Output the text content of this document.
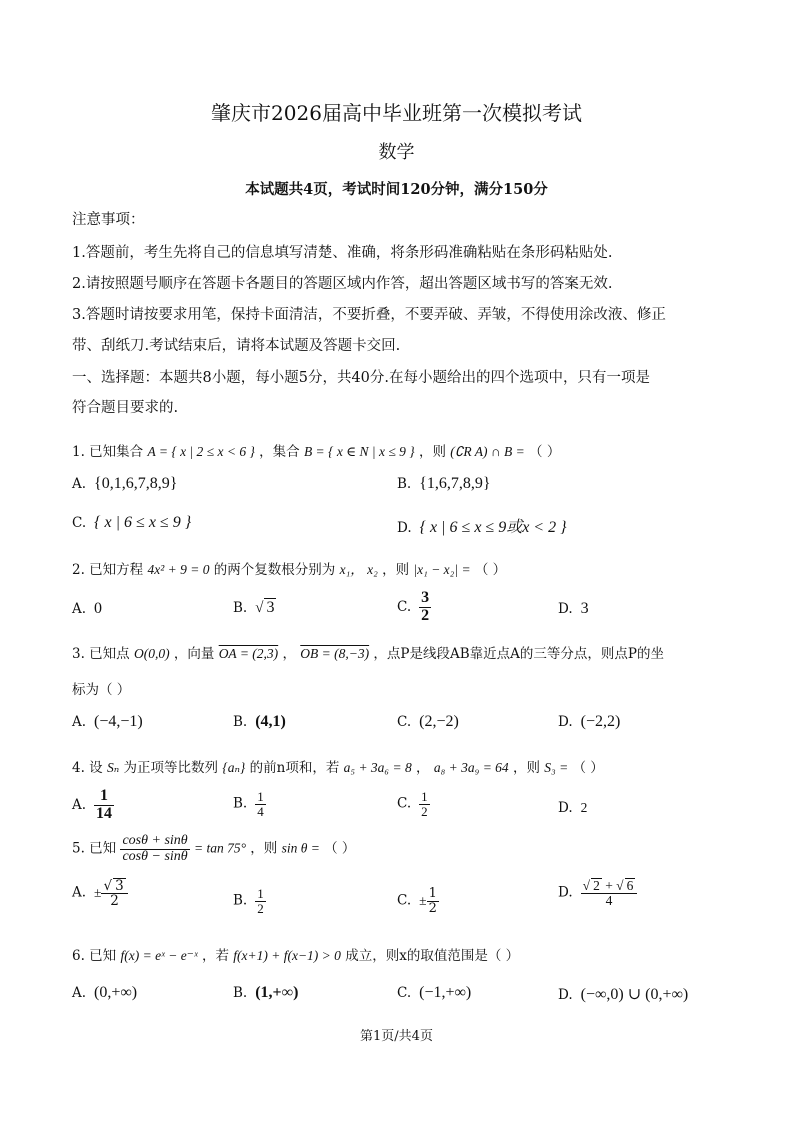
肇庆市2026届高中毕业班第一次模拟考试
数学
本试题共4页，考试时间120分钟，满分150分
注意事项：
1.答题前，考生先将自己的信息填写清楚、准确，将条形码准确粘贴在条形码粘贴处.
2.请按照题号顺序在答题卡各题目的答题区域内作答，超出答题区域书写的答案无效.
3.答题时请按要求用笔，保持卡面清洁，不要折叠，不要弄破、弄皱，不得使用涂改液、修正
带、刮纸刀.考试结束后，请将本试题及答题卡交回.
一、选择题：本题共8小题，每小题5分，共40分.在每小题给出的四个选项中，只有一项是
符合题目要求的.
1. 已知集合 A = { x | 2 ≤ x < 6 } ，集合 B = { x ∈ N | x ≤ 9 } ，则 (∁R A) ∩ B = （ ）
A. {0,1,6,7,8,9}	B. {1,6,7,8,9}
C. { x | 6 ≤ x ≤ 9 }	D. { x | 6 ≤ x ≤ 9或x < 2 }
2. 已知方程 4x² + 9 = 0 的两个复数根分别为 x₁， x₂ ，则 |x₁ − x₂| = （ ）
A. 0	B. √ 3	C. $\frac{3}{2}$	D. 3
3. 已知点 O(0,0) ，向量 OA = (2,3) ， OB = (8,−3) ，点P是线段AB靠近点A的三等分点，则点P的坐
标为（ ）
A. (−4,−1)	B. (4,1)	C. (2,−2)	D. (−2,2)
4. 设 Sₙ 为正项等比数列 {aₙ} 的前n项和，若 a₅ + 3a₆ = 8 ， a₈ + 3a₉ = 64 ，则 S₃ = （ ）
A. $\frac{1}{14}$	B. $\frac{1}{4}$	C. $\frac{1}{2}$	D. 2
5. 已知 $\frac{\cos\theta + \sin\theta}{\cos\theta - \sin\theta} = \tan 75^\circ$ ，则 sin θ = （ ）
A. ± $\frac{√ 3}{2}$	B. $\frac{1}{2}$	C. ± $\frac{1}{2}$	D. $\frac{√ 2 + √ 6}{4}$
6. 已知 f(x) = eˣ − e⁻ˣ ，若 f(x+1) + f(x−1) > 0 成立，则x的取值范围是（ ）
A. (0,+∞)	B. (1,+∞)	C. (−1,+∞)	D. (−∞,0) ∪ (0,+∞)
第1页/共4页
